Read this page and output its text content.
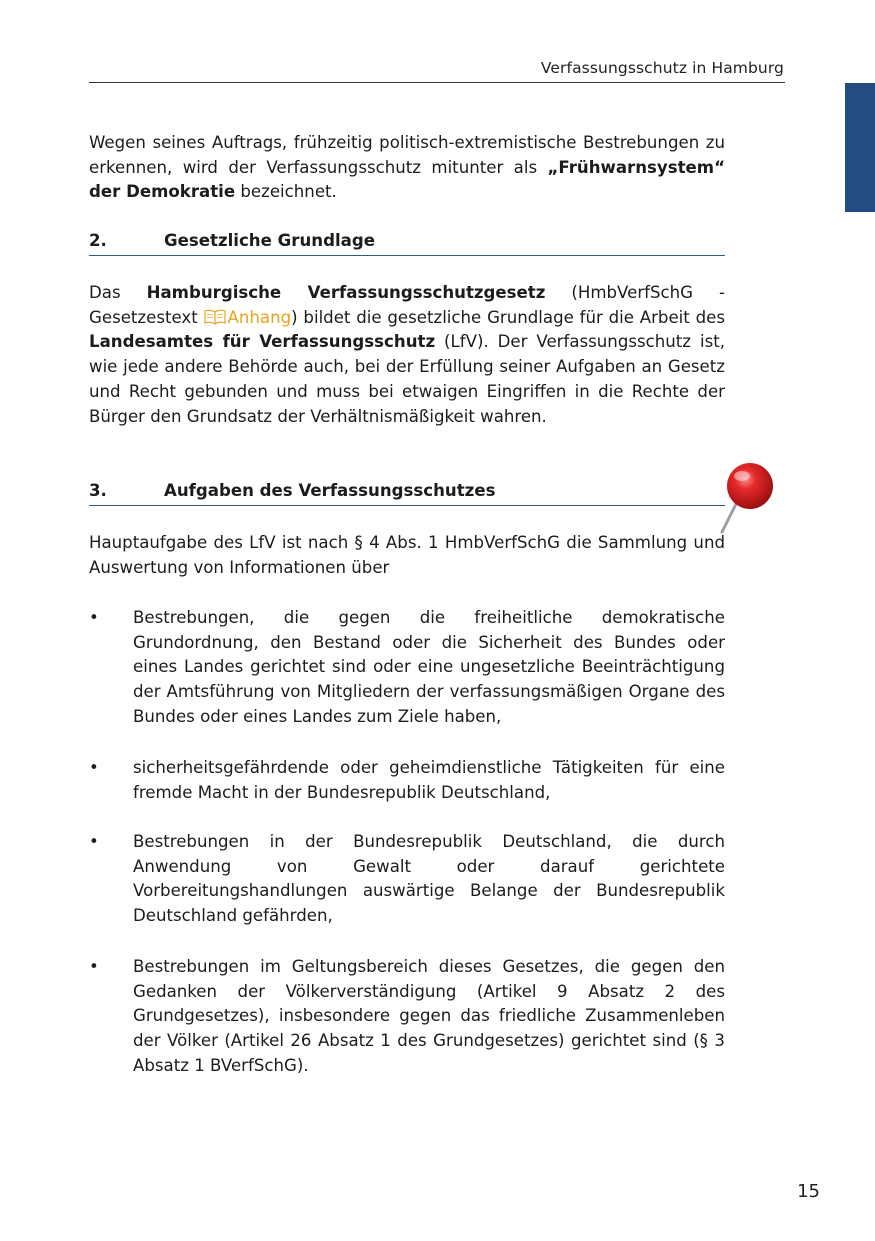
Verfassungsschutz in Hamburg

Wegen seines Auftrags, frühzeitig politisch-extremistische Bestrebungen zu erkennen, wird der Verfassungsschutz mitunter als „Frühwarnsystem“ der Demokratie bezeichnet.

2.	Gesetzliche Grundlage

Das Hamburgische Verfassungsschutzgesetz (HmbVerfSchG - Gesetzestext Anhang) bildet die gesetzliche Grundlage für die Arbeit des Landesamtes für Verfassungsschutz (LfV). Der Verfassungsschutz ist, wie jede andere Behörde auch, bei der Erfüllung seiner Aufgaben an Gesetz und Recht gebunden und muss bei etwaigen Eingriffen in die Rechte der Bürger den Grundsatz der Verhältnismäßigkeit wahren.

3.	Aufgaben des Verfassungsschutzes

Hauptaufgabe des LfV ist nach § 4 Abs. 1 HmbVerfSchG die Sammlung und Auswertung von Informationen über

• Bestrebungen, die gegen die freiheitliche demokratische Grundordnung, den Bestand oder die Sicherheit des Bundes oder eines Landes gerichtet sind oder eine ungesetzliche Beeinträchtigung der Amtsführung von Mitgliedern der verfassungsmäßigen Organe des Bundes oder eines Landes zum Ziele haben,

• sicherheitsgefährdende oder geheimdienstliche Tätigkeiten für eine fremde Macht in der Bundesrepublik Deutschland,

• Bestrebungen in der Bundesrepublik Deutschland, die durch Anwendung von Gewalt oder darauf gerichtete Vorbereitungshandlungen auswärtige Belange der Bundesrepublik Deutschland gefährden,

• Bestrebungen im Geltungsbereich dieses Gesetzes, die gegen den Gedanken der Völkerverständigung (Artikel 9 Absatz 2 des Grundgesetzes), insbesondere gegen das friedliche Zusammenleben der Völker (Artikel 26 Absatz 1 des Grundgesetzes) gerichtet sind (§ 3 Absatz 1 BVerfSchG).

15
